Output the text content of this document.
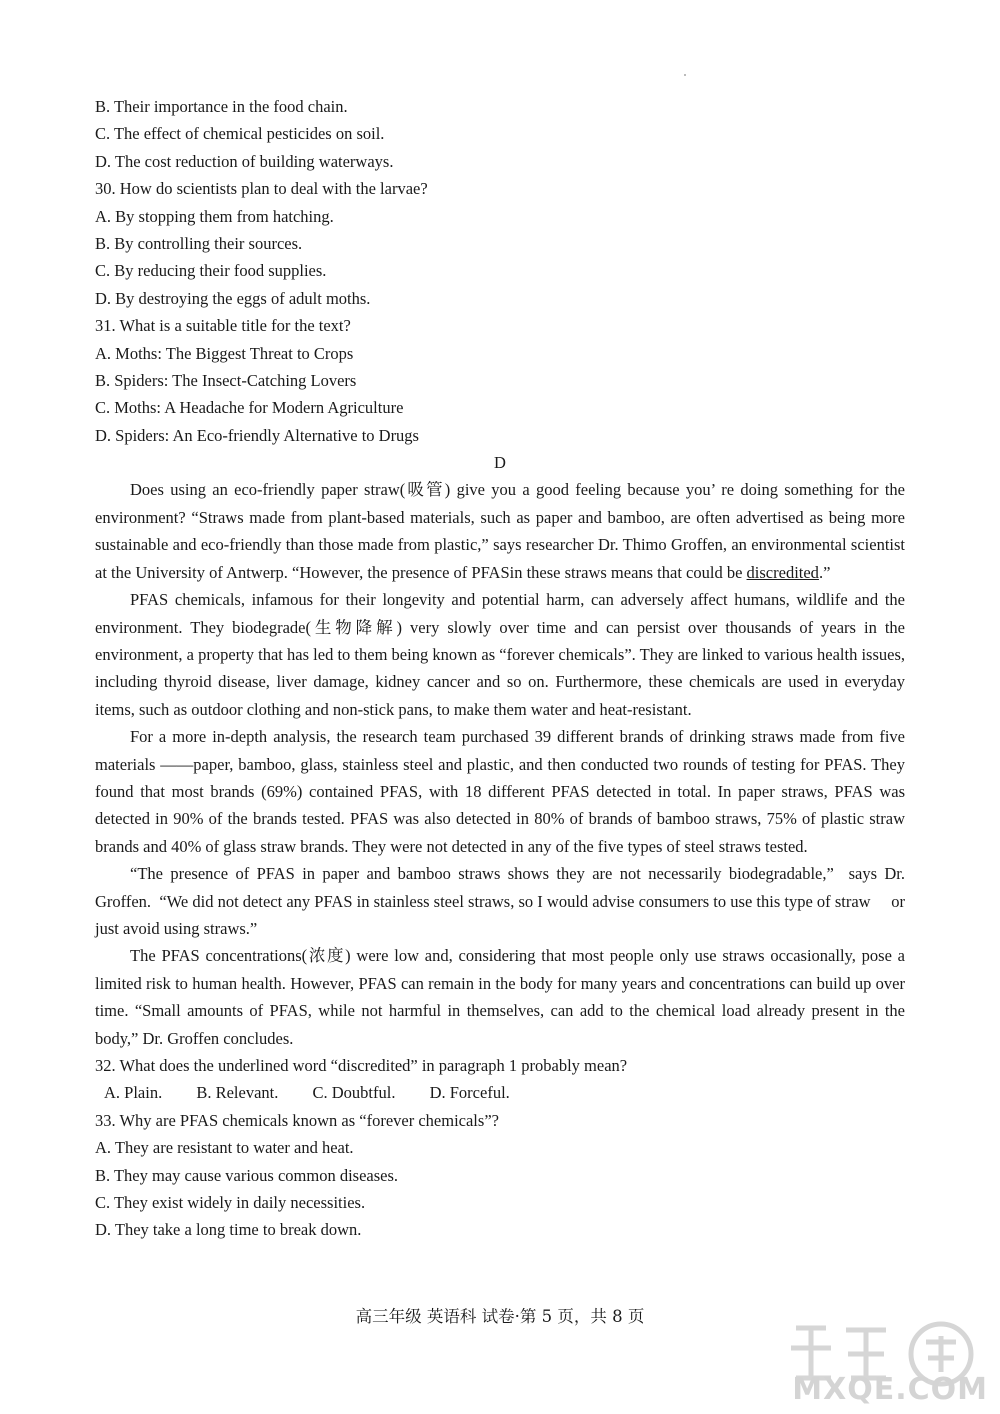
B. Their importance in the food chain.
C. The effect of chemical pesticides on soil.
D. The cost reduction of building waterways.
30. How do scientists plan to deal with the larvae?
A. By stopping them from hatching.
B. By controlling their sources.
C. By reducing their food supplies.
D. By destroying the eggs of adult moths.
31. What is a suitable title for the text?
A. Moths: The Biggest Threat to Crops
B. Spiders: The Insect-Catching Lovers
C. Moths: A Headache for Modern Agriculture
D. Spiders: An Eco-friendly Alternative to Drugs
D

Does using an eco-friendly paper straw(吸管) give you a good feeling because you’ re doing something for the environment? “Straws made from plant-based materials, such as paper and bamboo, are often advertised as being more sustainable and eco-friendly than those made from plastic,” says researcher Dr. Thimo Groffen, an environmental scientist at the University of Antwerp. “However, the presence of PFASin these straws means that could be discredited.”

PFAS chemicals, infamous for their longevity and potential harm, can adversely affect humans, wildlife and the environment. They biodegrade(生物降解) very slowly over time and can persist over thousands of years in the environment, a property that has led to them being known as “forever chemicals”. They are linked to various health issues, including thyroid disease, liver damage, kidney cancer and so on. Furthermore, these chemicals are used in everyday items, such as outdoor clothing and non-stick pans, to make them water and heat-resistant.

For a more in-depth analysis, the research team purchased 39 different brands of drinking straws made from five materials ——paper, bamboo, glass, stainless steel and plastic, and then conducted two rounds of testing for PFAS. They found that most brands (69%) contained PFAS, with 18 different PFAS detected in total. In paper straws, PFAS was detected in 90% of the brands tested. PFAS was also detected in 80% of brands of bamboo straws, 75% of plastic straw brands and 40% of glass straw brands. They were not detected in any of the five types of steel straws tested.

“The presence of PFAS in paper and bamboo straws shows they are not necessarily biodegradable,”  says Dr. Groffen.  “We did not detect any PFAS in stainless steel straws, so I would advise consumers to use this type of straw     or just avoid using straws.”

The PFAS concentrations(浓度) were low and, considering that most people only use straws occasionally, pose a limited risk to human health. However, PFAS can remain in the body for many years and concentrations can build up over time. “Small amounts of PFAS, while not harmful in themselves, can add to the chemical load already present in the body,” Dr. Groffen concludes.

32. What does the underlined word “discredited” in paragraph 1 probably mean?
A. Plain. B. Relevant. C. Doubtful. D. Forceful.
33. Why are PFAS chemicals known as “forever chemicals”?
A. They are resistant to water and heat.
B. They may cause various common diseases.
C. They exist widely in daily necessities.
D. They take a long time to break down.
高三年级 英语科 试卷·第 5 页，共 8 页
MXQE.COM
